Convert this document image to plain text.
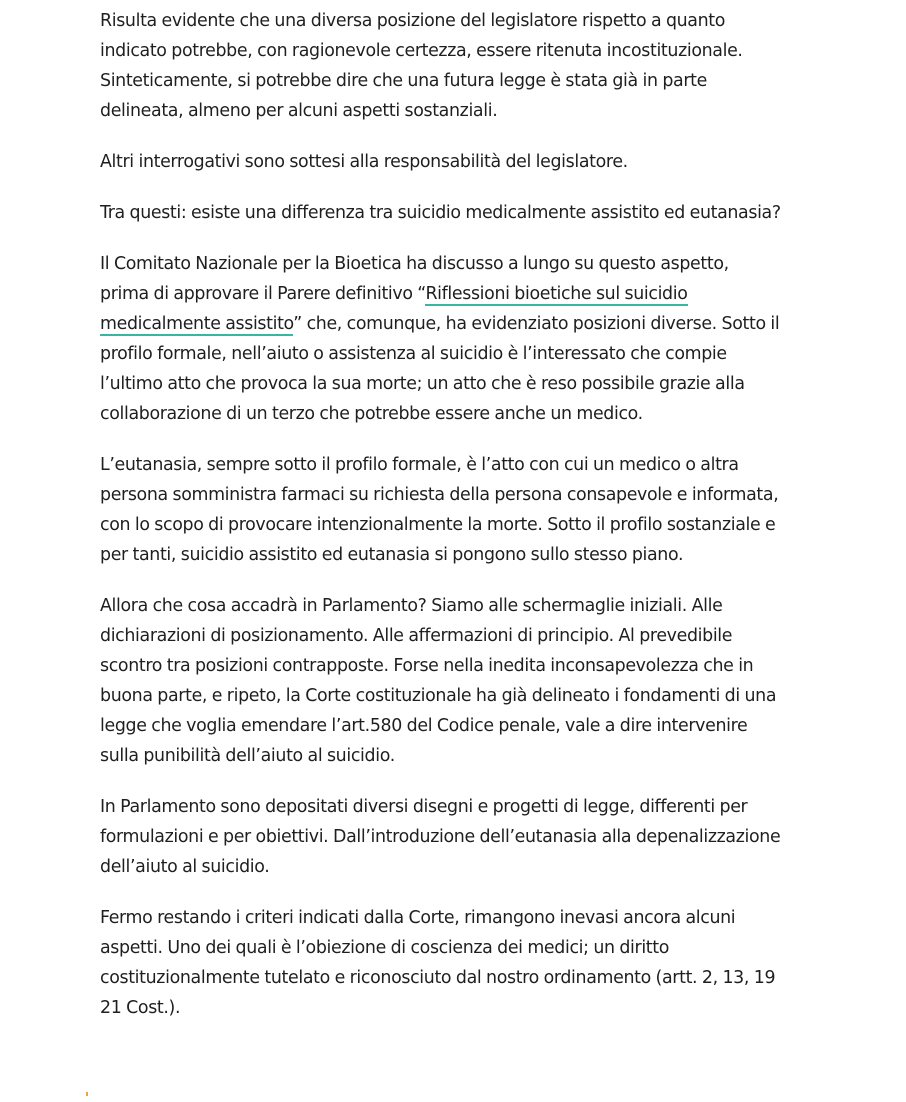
Risulta evidente che una diversa posizione del legislatore rispetto a quanto indicato potrebbe, con ragionevole certezza, essere ritenuta incostituzionale. Sinteticamente, si potrebbe dire che una futura legge è stata già in parte delineata, almeno per alcuni aspetti sostanziali.

Altri interrogativi sono sottesi alla responsabilità del legislatore.

Tra questi: esiste una differenza tra suicidio medicalmente assistito ed eutanasia?

Il Comitato Nazionale per la Bioetica ha discusso a lungo su questo aspetto, prima di approvare il Parere definitivo “Riflessioni bioetiche sul suicidio medicalmente assistito” che, comunque, ha evidenziato posizioni diverse. Sotto il profilo formale, nell’aiuto o assistenza al suicidio è l’interessato che compie l’ultimo atto che provoca la sua morte; un atto che è reso possibile grazie alla collaborazione di un terzo che potrebbe essere anche un medico.

L’eutanasia, sempre sotto il profilo formale, è l’atto con cui un medico o altra persona somministra farmaci su richiesta della persona consapevole e informata, con lo scopo di provocare intenzionalmente la morte. Sotto il profilo sostanziale e per tanti, suicidio assistito ed eutanasia si pongono sullo stesso piano.

Allora che cosa accadrà in Parlamento? Siamo alle schermaglie iniziali. Alle dichiarazioni di posizionamento. Alle affermazioni di principio. Al prevedibile scontro tra posizioni contrapposte. Forse nella inedita inconsapevolezza che in buona parte, e ripeto, la Corte costituzionale ha già delineato i fondamenti di una legge che voglia emendare l’art.580 del Codice penale, vale a dire intervenire sulla punibilità dell’aiuto al suicidio.

In Parlamento sono depositati diversi disegni e progetti di legge, differenti per formulazioni e per obiettivi. Dall’introduzione dell’eutanasia alla depenalizzazione dell’aiuto al suicidio.

Fermo restando i criteri indicati dalla Corte, rimangono inevasi ancora alcuni aspetti. Uno dei quali è l’obiezione di coscienza dei medici; un diritto costituzionalmente tutelato e riconosciuto dal nostro ordinamento (artt. 2, 13, 19 21 Cost.).
